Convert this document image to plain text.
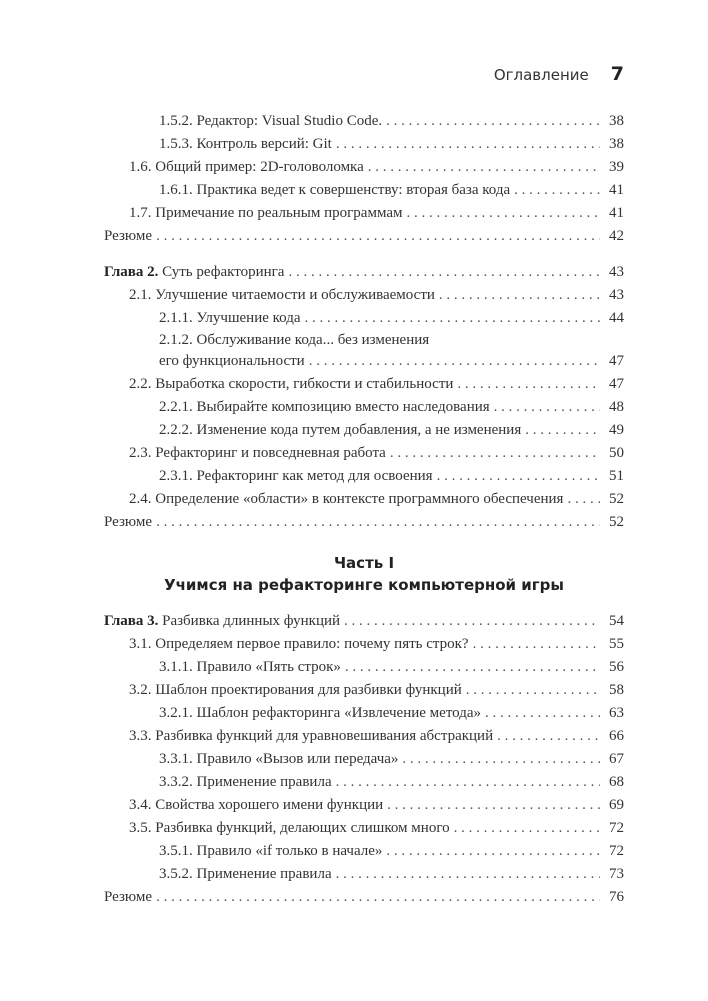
Оглавление 7
1.5.2. Редактор: Visual Studio Code. . . .	38
1.5.3. Контроль версий: Git . . .	38
1.6. Общий пример: 2D-головоломка . . .	39
1.6.1. Практика ведет к совершенству: вторая база кода . . .	41
1.7. Примечание по реальным программам . . .	41
Резюме . . .	42
Глава 2. Суть рефакторинга . . .	43
2.1. Улучшение читаемости и обслуживаемости . . .	43
2.1.1. Улучшение кода . . .	44
2.1.2. Обслуживание кода... без изменения
его функциональности . . .	47
2.2. Выработка скорости, гибкости и стабильности . . .	47
2.2.1. Выбирайте композицию вместо наследования . . .	48
2.2.2. Изменение кода путем добавления, а не изменения . . .	49
2.3. Рефакторинг и повседневная работа . . .	50
2.3.1. Рефакторинг как метод для освоения . . .	51
2.4. Определение «области» в контексте программного обеспечения . . .	52
Резюме . . .	52
Часть I
Учимся на рефакторинге компьютерной игры
Глава 3. Разбивка длинных функций . . .	54
3.1. Определяем первое правило: почему пять строк? . . .	55
3.1.1. Правило «Пять строк» . . .	56
3.2. Шаблон проектирования для разбивки функций . . .	58
3.2.1. Шаблон рефакторинга «Извлечение метода» . . .	63
3.3. Разбивка функций для уравновешивания абстракций . . .	66
3.3.1. Правило «Вызов или передача» . . .	67
3.3.2. Применение правила . . .	68
3.4. Свойства хорошего имени функции . . .	69
3.5. Разбивка функций, делающих слишком много . . .	72
3.5.1. Правило «if только в начале» . . .	72
3.5.2. Применение правила . . .	73
Резюме . . .	76
